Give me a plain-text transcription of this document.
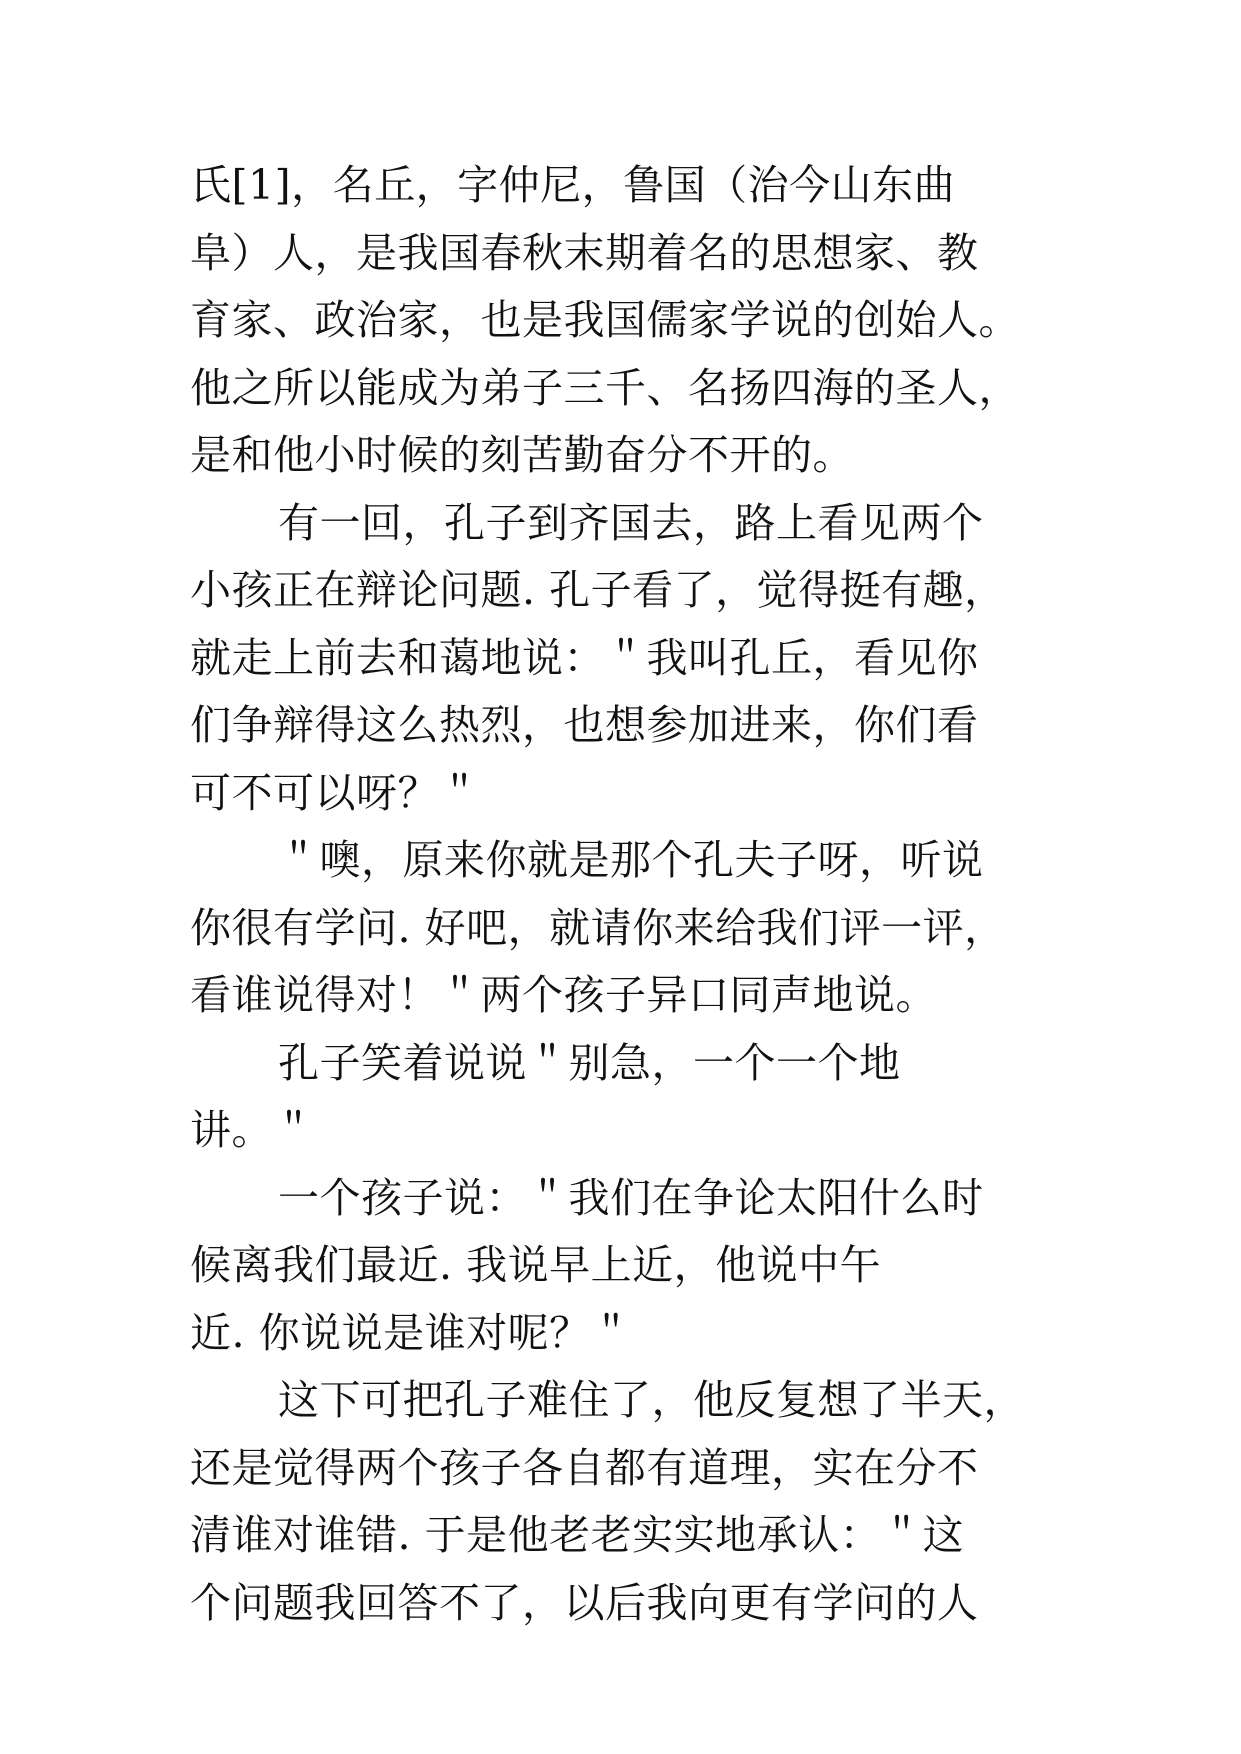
氏[1]，名丘，字仲尼，鲁国（治今山东曲
阜）人，是我国春秋末期着名的思想家、教
育家、政治家，也是我国儒家学说的创始人。
他之所以能成为弟子三千、名扬四海的圣人，
是和他小时候的刻苦勤奋分不开的。
有一回，孔子到齐国去，路上看见两个
小孩正在辩论问题. 孔子看了，觉得挺有趣，
就走上前去和蔼地说：＂我叫孔丘，看见你
们争辩得这么热烈，也想参加进来，你们看
可不可以呀？＂
＂噢，原来你就是那个孔夫子呀，听说
你很有学问. 好吧，就请你来给我们评一评，
看谁说得对！＂两个孩子异口同声地说。
孔子笑着说说＂别急，一个一个地
讲。＂
一个孩子说：＂我们在争论太阳什么时
候离我们最近. 我说早上近，他说中午
近. 你说说是谁对呢？＂
这下可把孔子难住了，他反复想了半天，
还是觉得两个孩子各自都有道理，实在分不
清谁对谁错. 于是他老老实实地承认：＂这
个问题我回答不了，以后我向更有学问的人
